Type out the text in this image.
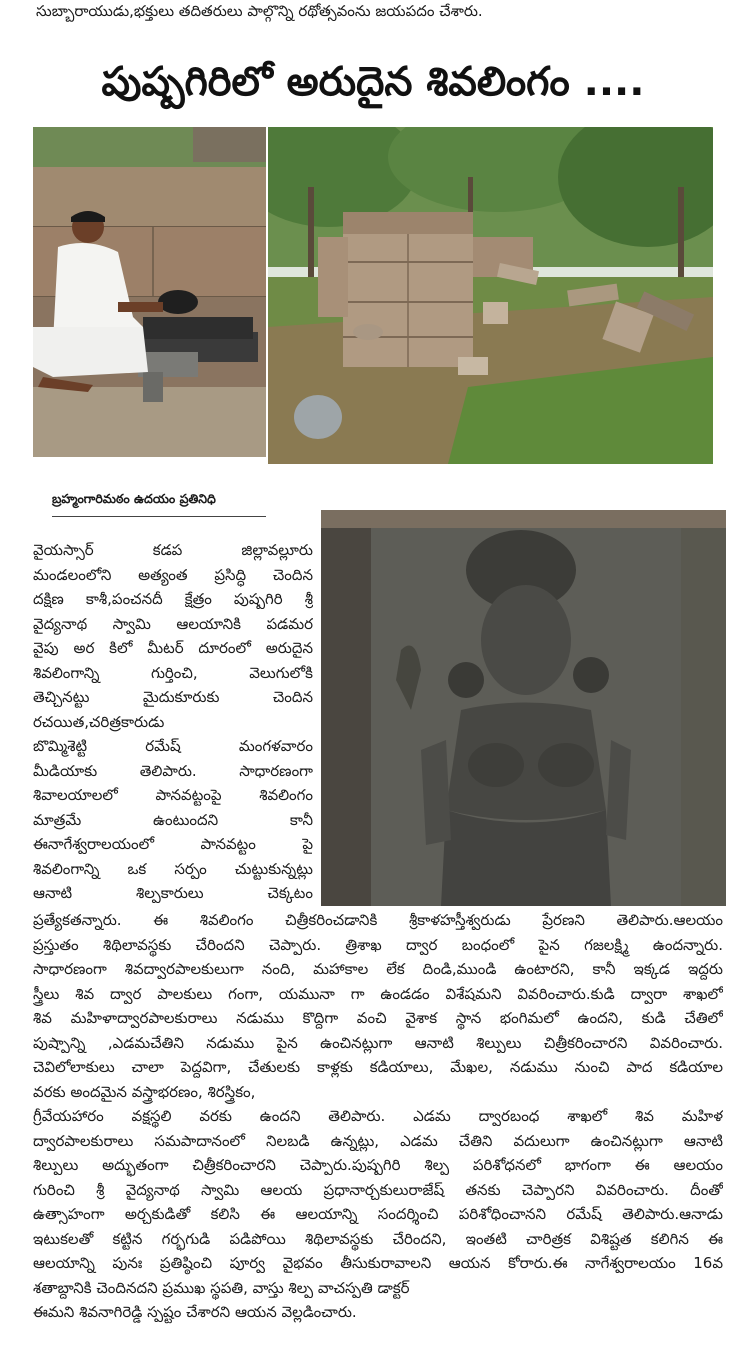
సుబ్బారాయుడు,భక్తులు తదితరులు పాల్గొన్ని రథోత్సవంను జయపదం చేశారు.
పుష్పగిరిలో అరుదైన శివలింగం ....
బ్రహ్మంగారిమఠం ఉదయం ప్రతినిధి
వైయస్సార్ కడప జిల్లావల్లూరు
మండలంలోని అత్యంత ప్రసిద్ధి చెందిన
దక్షిణ కాశీ,పంచనదీ క్షేత్రం పుష్పగిరి శ్రీ
వైద్యనాథ స్వామి ఆలయానికి పడమర
వైపు అర కిలో మీటర్ దూరంలో అరుదైన
శివలింగాన్ని గుర్తించి, వెలుగులోకి
తెచ్చినట్టు మైదుకూరుకు చెందిన
రచయిత,చరిత్రకారుడు
బొమ్మిశెట్టి రమేష్ మంగళవారం
మీడియాకు తెలిపారు. సాధారణంగా
శివాలయాలలో పానవట్టంపై శివలింగం
మాత్రమే ఉంటుందని కానీ
ఈనాగేశ్వరాలయంలో పానవట్టం పై
శివలింగాన్ని ఒక సర్పం చుట్టుకున్నట్లు
ఆనాటి శిల్పకారులు చెక్కటం
ప్రత్యేకతన్నారు. ఈ శివలింగం చిత్రీకరించడానికి శ్రీకాళహస్తీశ్వరుడు ప్రేరణని తెలిపారు.ఆలయం
ప్రస్తుతం శిథిలావస్థకు చేరిందని చెప్పారు. త్రిశాఖ ద్వార బంధంలో పైన గజలక్ష్మి ఉందన్నారు.
సాధారణంగా శివద్వారపాలకులుగా నంది, మహాకాల లేక దిండి,ముండి ఉంటారని, కానీ ఇక్కడ ఇద్దరు
స్త్రీలు శివ ద్వార పాలకులు గంగా, యమునా గా ఉండడం విశేషమని వివరించారు.కుడి ద్వారా శాఖలో
శివ మహిళాద్వారపాలకురాలు నడుము కొద్దిగా వంచి వైశాక స్థాన భంగిమలో ఉందని, కుడి చేతిలో
పుష్పాన్ని ,ఎడమచేతిని నడుము పైన ఉంచినట్లుగా ఆనాటి శిల్పులు చిత్రీకరించారని వివరించారు.
చెవిలోలాకులు చాలా పెద్దవిగా, చేతులకు కాళ్లకు కడియాలు, మేఖల, నడుము నుంచి పాద కడియాల
వరకు అందమైన వస్త్రాభరణం, శిరస్త్రికం,
గ్రీవేయహారం వక్షస్థలి వరకు ఉందని తెలిపారు. ఎడమ ద్వారబంధ శాఖలో శివ మహిళ
ద్వారపాలకురాలు సమపాదానంలో నిలబడి ఉన్నట్లు, ఎడమ చేతిని వదులుగా ఉంచినట్లుగా ఆనాటి
శిల్పులు అద్భుతంగా చిత్రీకరించారని చెప్పారు.పుష్పగిరి శిల్ప పరిశోధనలో భాగంగా ఈ ఆలయం
గురించి శ్రీ వైద్యనాథ స్వామి ఆలయ ప్రధానార్చకులురాజేష్ తనకు చెప్పారని వివరించారు. దీంతో
ఉత్సాహంగా అర్చకుడితో కలిసి ఈ ఆలయాన్ని సందర్శించి పరిశోధించానని రమేష్ తెలిపారు.ఆనాడు
ఇటుకలతో కట్టిన గర్భగుడి పడిపోయి శిథిలావస్థకు చేరిందని, ఇంతటి చారిత్రక విశిష్టత కలిగిన ఈ
ఆలయాన్ని పునః ప్రతిష్ఠించి పూర్వ వైభవం తీసుకురావాలని ఆయన కోరారు.ఈ నాగేశ్వరాలయం 16వ
శతాబ్దానికి చెందినదని ప్రముఖ స్థపతి, వాస్తు శిల్ప వాచస్పతి డాక్టర్
ఈమని శివనాగిరెడ్డి స్పష్టం చేశారని ఆయన వెల్లడించారు.
